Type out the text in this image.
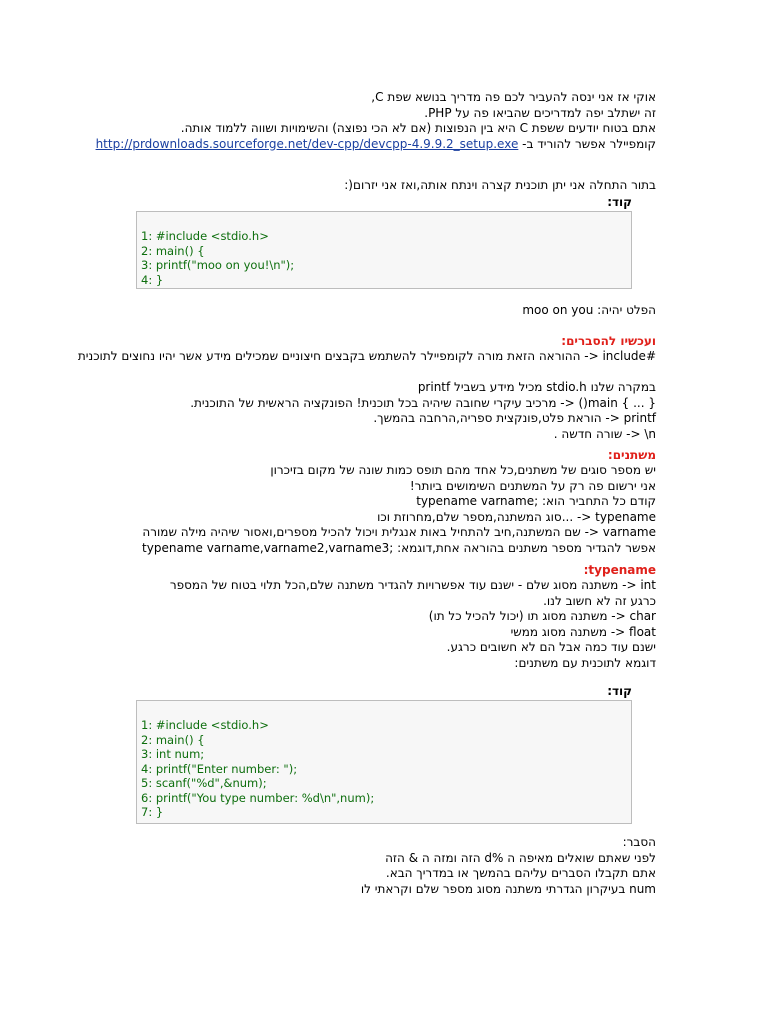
אוקי אז אני ינסה להעביר לכם פה מדריך בנושא שפת C,
זה ישתלב יפה למדריכים שהביאו פה על PHP.
אתם בטוח יודעים ששפת C היא בין הנפוצות (אם לא הכי נפוצה) והשימויות ושווה ללמוד אותה.
קומפיילר אפשר להוריד ב- http://prdownloads.sourceforge.net/dev-cpp/devcpp-4.9.9.2_setup.exe
בתור התחלה אני יתן תוכנית קצרה וינתח אותה,ואז אני יזרום(:
קוד:
1: #include <stdio.h>
2: main() {
3: printf("moo on you!\n");
4: }
הפלט יהיה: moo on you
ועכשיו להסברים:
#include <- ההוראה הזאת מורה לקומפיילר להשתמש בקבצים חיצוניים שמכילים מידע אשר יהיו נחוצים לתוכנית
במקרה שלנו stdio.h מכיל מידע בשביל printf
{ ... } main() <- מרכיב עיקרי שחובה שיהיה בכל תוכנית! הפונקציה הראשית של התוכנית.
printf <- הוראת פלט,פונקצית ספריה,הרחבה בהמשך.
n\ <- שורה חדשה .
משתנים:
יש מספר סוגים של משתנים,כל אחד מהם תופס כמות שונה של מקום בזיכרון
אני ירשום פה רק על המשתנים השימושים ביותר!
קודם כל התחביר הוא: ;typename varname
typename <- ...סוג המשתנה,מספר שלם,מחרוזת וכו
varname <- שם המשתנה,חיב להתחיל באות אנגלית ויכול להכיל מספרים,ואסור שיהיה מילה שמורה
אפשר להגדיר מספר משתנים בהוראה אחת,דוגמא: ;typename varname,varname2,varname3
typename:
int <- משתנה מסוג שלם - ישנם עוד אפשרויות להגדיר משתנה שלם,הכל תלוי בטוח של המספר
כרגע זה לא חשוב לנו.
char <- משתנה מסוג תו (יכול להכיל כל תו)
float <- משתנה מסוג ממשי
ישנם עוד כמה אבל הם לא חשובים כרגע.
דוגמא לתוכנית עם משתנים:
קוד:
1: #include <stdio.h>
2: main() {
3: int num;
4: printf("Enter number: ");
5: scanf("%d",&num);
6: printf("You type number: %d\n",num);
7: }
הסבר:
לפני שאתם שואלים מאיפה ה %d הזה ומזה ה & הזה
אתם תקבלו הסברים עליהם בהמשך או במדריך הבא.
num בעיקרון הגדרתי משתנה מסוג מספר שלם וקראתי לו
